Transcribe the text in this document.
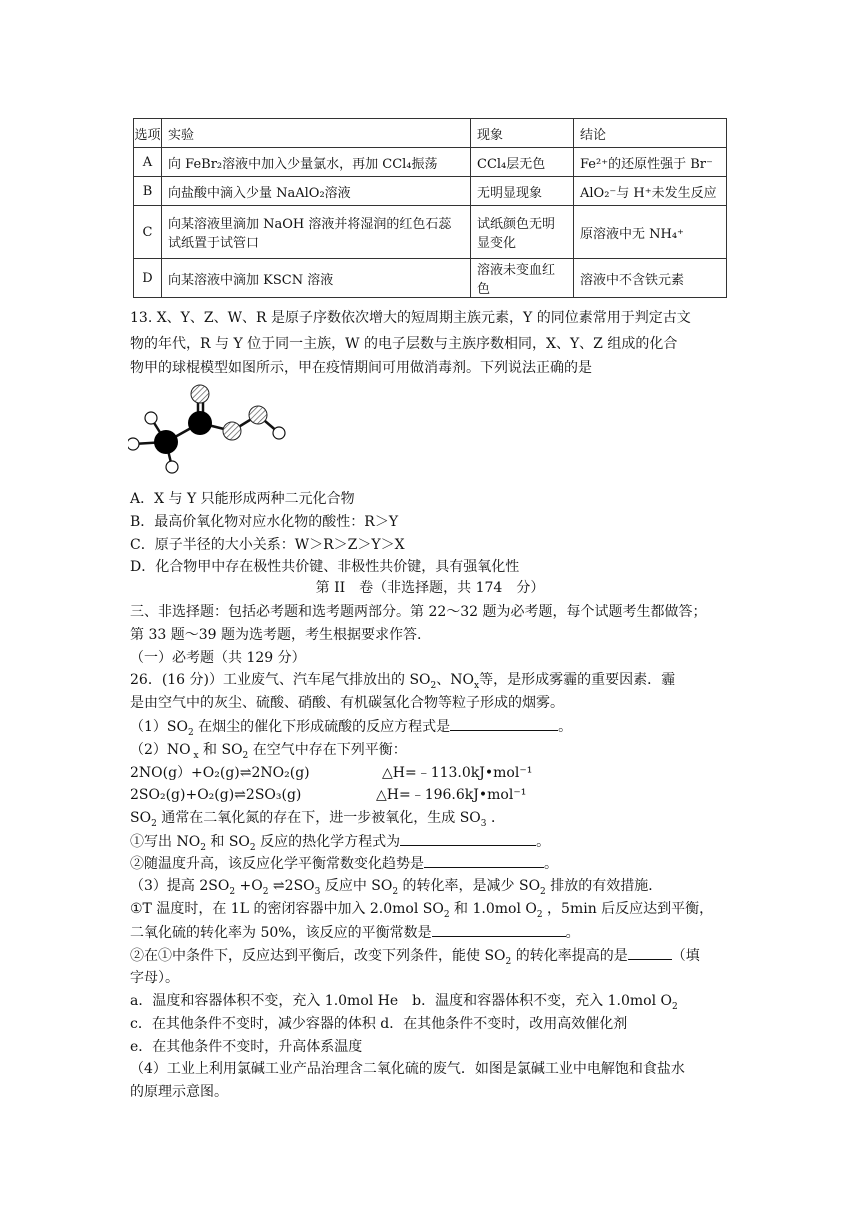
选项	实验	现象	结论
A	向 FeBr₂溶液中加入少量氯水，再加 CCl₄振荡	CCl₄层无色	Fe²⁺的还原性强于 Br⁻
B	向盐酸中滴入少量 NaAlO₂溶液	无明显现象	AlO₂⁻与 H⁺未发生反应
C	向某溶液里滴加 NaOH 溶液并将湿润的红色石蕊试纸置于试管口	试纸颜色无明显变化	原溶液中无 NH₄⁺
D	向某溶液中滴加 KSCN 溶液	溶液未变血红色	溶液中不含铁元素
13. X、Y、Z、W、R 是原子序数依次增大的短周期主族元素，Y 的同位素常用于判定古文
物的年代，R 与 Y 位于同一主族，W 的电子层数与主族序数相同，X、Y、Z 组成的化合
物甲的球棍模型如图所示，甲在疫情期间可用做消毒剂。下列说法正确的是
A．X 与 Y 只能形成两种二元化合物
B．最高价氧化物对应水化物的酸性：R＞Y
C．原子半径的大小关系：W＞R＞Z＞Y＞X
D．化合物甲中存在极性共价键、非极性共价键，具有强氧化性
第 II　卷（非选择题，共 174　分）
三、非选择题：包括必考题和选考题两部分。第 22～32 题为必考题，每个试题考生都做答；
第 33 题～39 题为选考题，考生根据要求作答.
（一）必考题（共 129 分）
26．(16 分)）工业废气、汽车尾气排放出的 $SO_2$、$NO_x$等，是形成雾霾的重要因素．霾
是由空气中的灰尘、硫酸、硝酸、有机碳氢化合物等粒子形成的烟雾。
$(1)SO_2$ 在烟尘的催化下形成硫酸的反应方程式是	。
（2）NO $_x$ 和 $SO_2$ 在空气中存在下列平衡：
2NO(g）+O₂(g)⇌2NO₂(g)	△H=﹣113.0kJ•mol⁻¹
2SO₂(g)+O₂(g)⇌2SO₃(g)	△H=﹣196.6kJ•mol⁻¹
$SO_2$ 通常在二氧化氮的存在下，进一步被氧化，生成 $SO_3$ ．
①写出 $NO_2$ 和 $SO_2$ 反应的热化学方程式为	。
②随温度升高，该反应化学平衡常数变化趋势是	。
（3）提高 $2SO_2 +O_2$ $\rightleftharpoons 2SO_3$ 反应中 $SO_2$ 的转化率，是减少 $SO_2$ 排放的有效措施．
①T 温度时，在 1L 的密闭容器中加入 2.0mol $SO_2$ 和 1.0mol $O_2$ ，5min 后反应达到平衡，
二氧化硫的转化率为 50%，该反应的平衡常数是	。
②在①中条件下，反应达到平衡后，改变下列条件，能使 $SO_2$ 的转化率提高的是	（填
字母）。
a．温度和容器体积不变，充入 1.0mol He　b．温度和容器体积不变，充入 1.0mol $O_2$
c．在其他条件不变时，减少容器的体积 d．在其他条件不变时，改用高效催化剂
e．在其他条件不变时，升高体系温度
（4）工业上利用氯碱工业产品治理含二氧化硫的废气．如图是氯碱工业中电解饱和食盐水
的原理示意图。
